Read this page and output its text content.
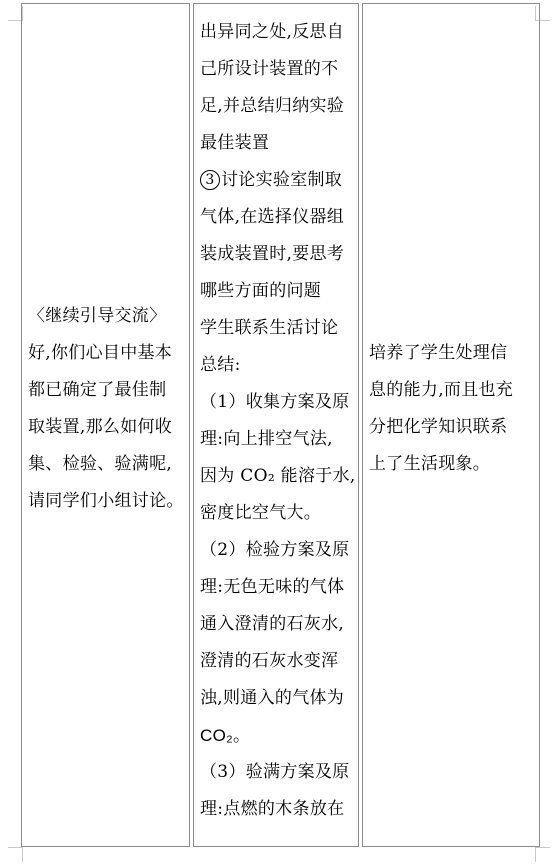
〈继续引导交流〉
好,你们心目中基本
都已确定了最佳制
取装置,那么如何收
集、检验、验满呢,
请同学们小组讨论。

出异同之处,反思自
己所设计装置的不
足,并总结归纳实验
最佳装置
3 讨论实验室制取
气体,在选择仪器组
装成装置时,要思考
哪些方面的问题
学生联系生活讨论
总结:
（1）收集方案及原
理:向上排空气法,
因为 CO₂ 能溶于水,
密度比空气大。
（2）检验方案及原
理:无色无味的气体
通入澄清的石灰水,
澄清的石灰水变浑
浊,则通入的气体为
CO₂。
（3）验满方案及原
理:点燃的木条放在

培养了学生处理信
息的能力,而且也充
分把化学知识联系
上了生活现象。
